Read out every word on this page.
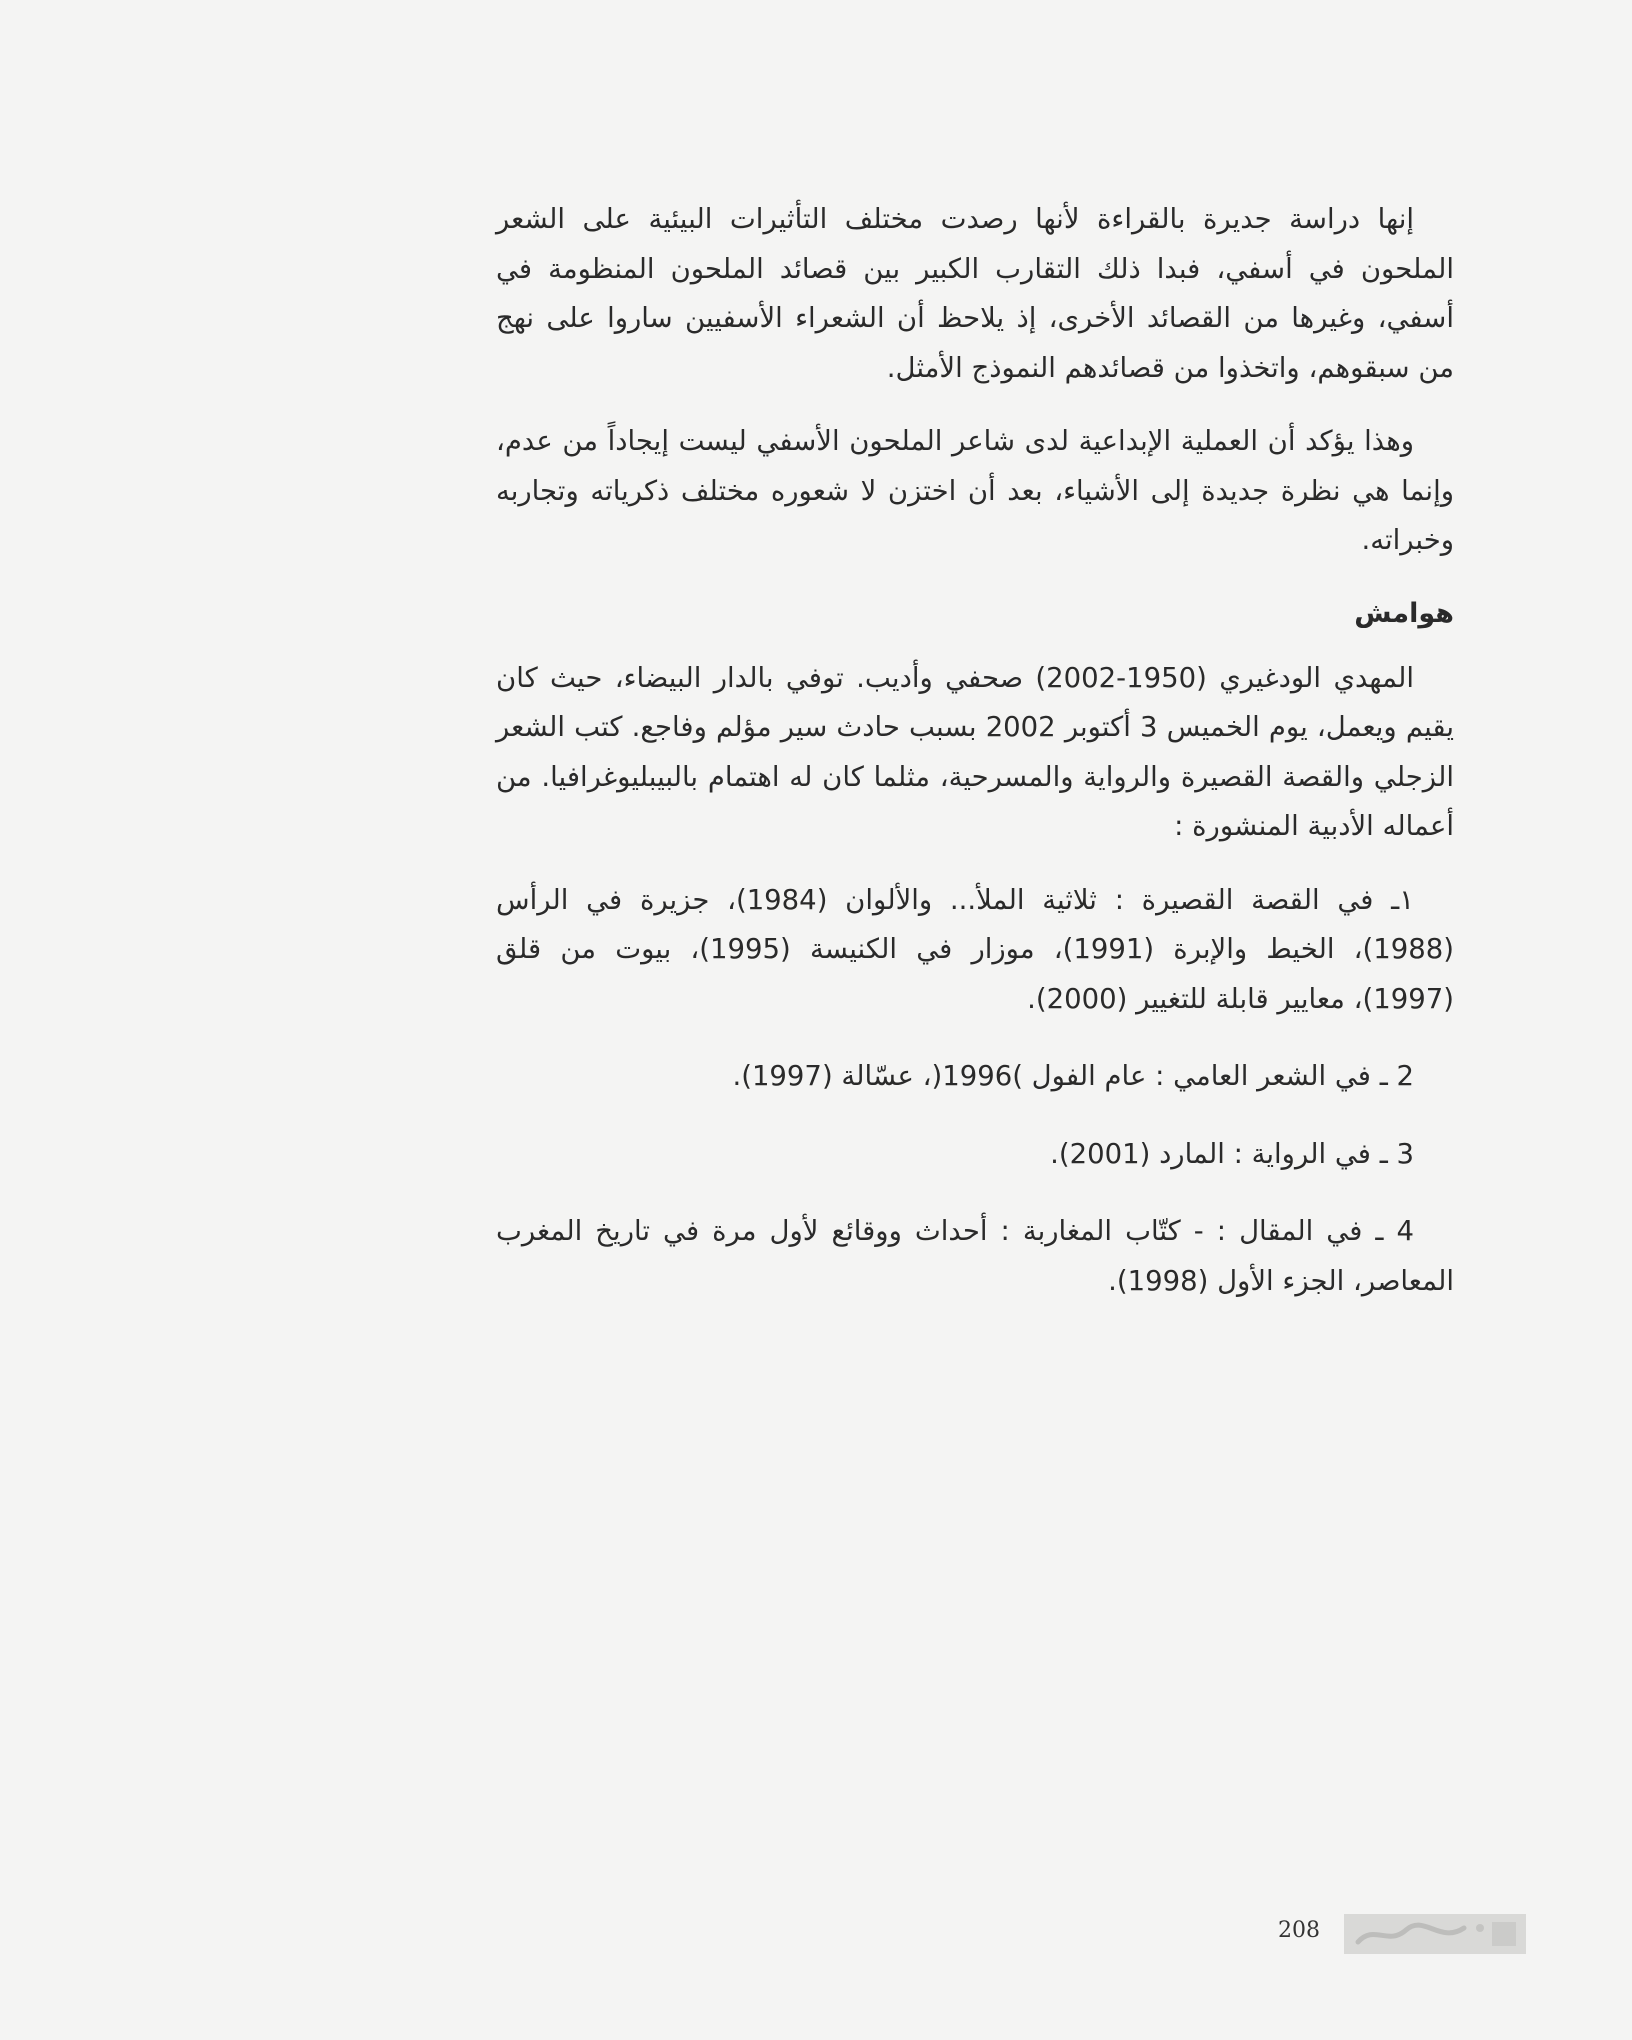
إنها دراسة جديرة بالقراءة لأنها رصدت مختلف التأثيرات البيئية على الشعر الملحون في أسفي، فبدا ذلك التقارب الكبير بين قصائد الملحون المنظومة في أسفي، وغيرها من القصائد الأخرى، إذ يلاحظ أن الشعراء الأسفيين ساروا على نهج من سبقوهم، واتخذوا من قصائدهم النموذج الأمثل.

وهذا يؤكد أن العملية الإبداعية لدى شاعر الملحون الأسفي ليست إيجاداً من عدم، وإنما هي نظرة جديدة إلى الأشياء، بعد أن اختزن لا شعوره مختلف ذكرياته وتجاربه وخبراته.

هوامش

المهدي الودغيري (1950-2002) صحفي وأديب. توفي بالدار البيضاء، حيث كان يقيم ويعمل، يوم الخميس 3 أكتوبر 2002 بسبب حادث سير مؤلم وفاجع. كتب الشعر الزجلي والقصة القصيرة والرواية والمسرحية، مثلما كان له اهتمام بالبيبليوغرافيا. من أعماله الأدبية المنشورة :

١ـ في القصة القصيرة : ثلاثية الملأ... والألوان (1984)، جزيرة في الرأس (1988)، الخيط والإبرة (1991)، موزار في الكنيسة (1995)، بيوت من قلق (1997)، معايير قابلة للتغيير (2000).

2 ـ في الشعر العامي : عام الفول )1996(، عسّالة (1997).

3 ـ في الرواية : المارد (2001).

4 ـ في المقال : - كتّاب المغاربة : أحداث ووقائع لأول مرة في تاريخ المغرب المعاصر، الجزء الأول (1998).

208
